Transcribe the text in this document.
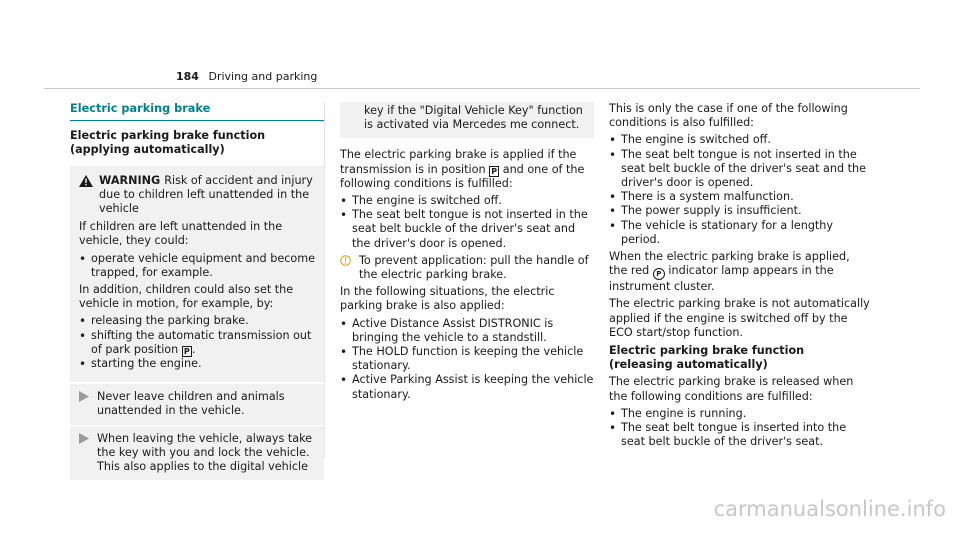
184 Driving and parking
Electric parking brake
Electric parking brake function (applying automatically)
WARNING Risk of accident and injury due to children left unattended in the vehicle

If children are left unattended in the vehicle, they could:

• operate vehicle equipment and become trapped, for example.

In addition, children could also set the vehicle in motion, for example, by:

• releasing the parking brake.
• shifting the automatic transmission out of park position P .
• starting the engine.
Never leave children and animals unattended in the vehicle.
When leaving the vehicle, always take the key with you and lock the vehicle. This also applies to the digital vehicle
key if the "Digital Vehicle Key" function is activated via Mercedes me connect.

The electric parking brake is applied if the transmission is in position P and one of the following conditions is fulfilled:

• The engine is switched off.
• The seat belt tongue is not inserted in the seat belt buckle of the driver's seat and the driver's door is opened.
To prevent application: pull the handle of the electric parking brake.

In the following situations, the electric parking brake is also applied:

• Active Distance Assist DISTRONIC is bringing the vehicle to a standstill.
• The HOLD function is keeping the vehicle stationary.
• Active Parking Assist is keeping the vehicle stationary.

This is only the case if one of the following conditions is also fulfilled:

• The engine is switched off.
• The seat belt tongue is not inserted in the seat belt buckle of the driver's seat and the driver's door is opened.
• There is a system malfunction.
• The power supply is insufficient.
• The vehicle is stationary for a lengthy period.

When the electric parking brake is applied, the red P indicator lamp appears in the instrument cluster.

The electric parking brake is not automatically applied if the engine is switched off by the ECO start/stop function.

Electric parking brake function (releasing automatically)

The electric parking brake is released when the following conditions are fulfilled:

• The engine is running.
• The seat belt tongue is inserted into the seat belt buckle of the driver's seat.
carmanualsonline.info
